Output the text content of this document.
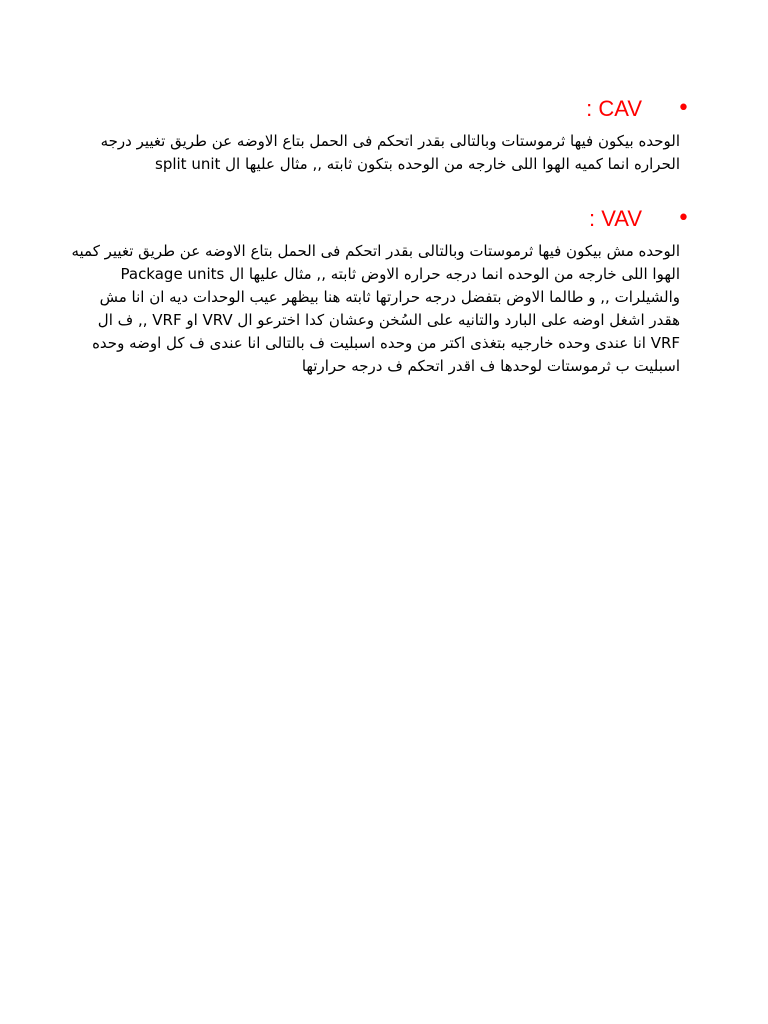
•
: CAV

الوحده بيكون فيها ثرموستات وبالتالى بقدر اتحكم فى الحمل بتاع الاوضه عن طريق تغيير درجه

الحراره انما كميه الهوا اللى خارجه من الوحده بتكون ثابته ,, مثال عليها ال split unit

•
: VAV

الوحده مش بيكون فيها ثرموستات وبالتالى بقدر اتحكم فى الحمل بتاع الاوضه عن طريق تغيير كميه

الهوا اللى خارجه من الوحده انما درجه حراره الاوض ثابته ,, مثال عليها ال Package units

والشيلرات ,, و طالما الاوض بتفضل درجه حرارتها ثابته هنا بيظهر عيب الوحدات ديه ان انا مش

هقدر اشغل اوضه على البارد والتانيه على السُخن وعشان كدا اخترعو ال VRV او VRF ,, ف ال

VRF انا عندى وحده خارجيه بتغذى اكتر من وحده اسبليت ف بالتالى انا عندى ف كل اوضه وحده

اسبليت ب ثرموستات لوحدها ف اقدر اتحكم ف درجه حرارتها
